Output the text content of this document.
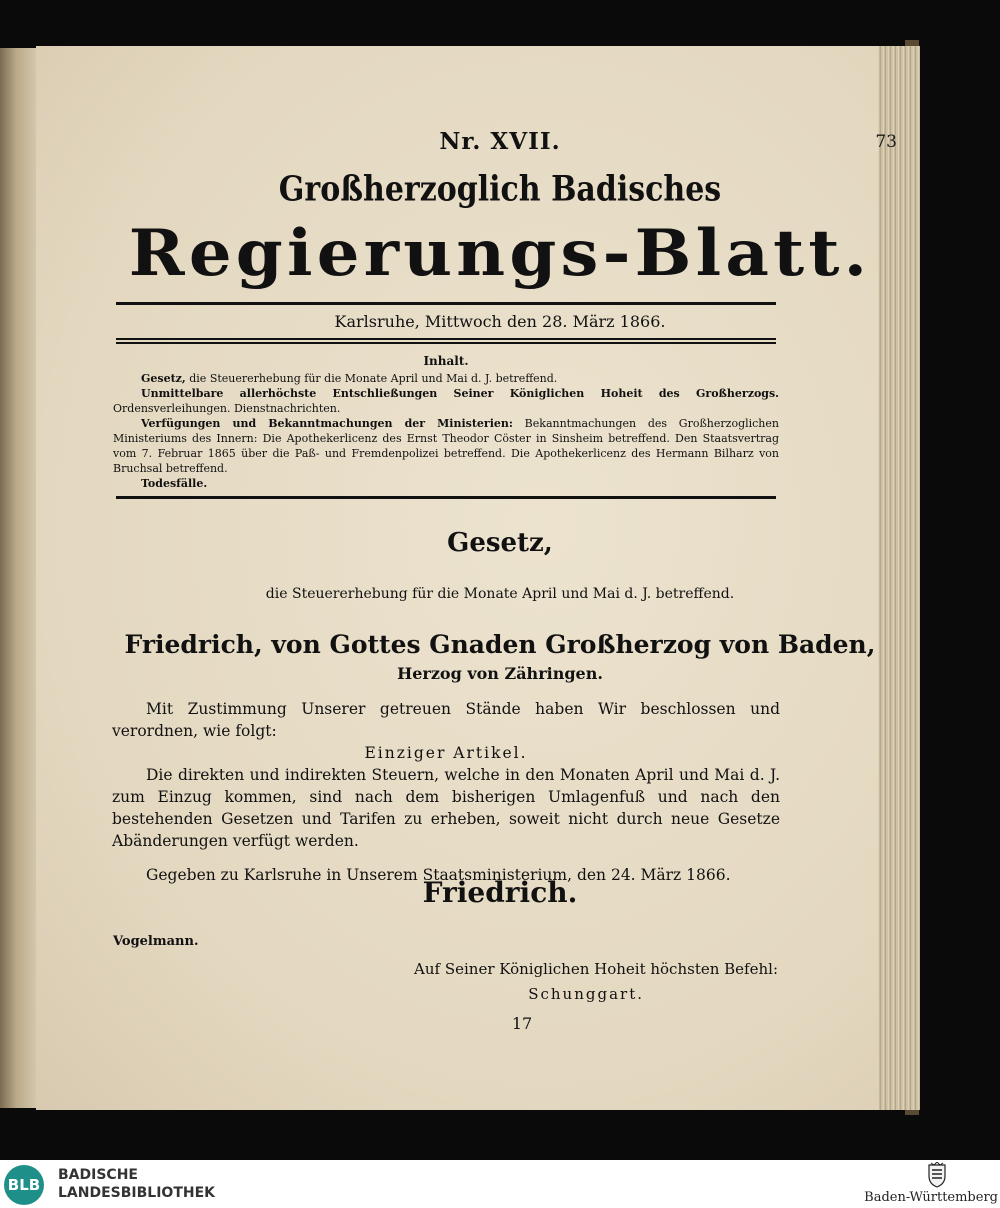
73
Nr. XVII.
Großherzoglich Badisches
Regierungs-Blatt.
Karlsruhe, Mittwoch den 28. März 1866.
Inhalt.
Gesetz, die Steuererhebung für die Monate April und Mai d. J. betreffend.
Unmittelbare allerhöchste Entschließungen Seiner Königlichen Hoheit des Großherzogs. Ordensverleihungen. Dienstnachrichten.
Verfügungen und Bekanntmachungen der Ministerien: Bekanntmachungen des Großherzoglichen Ministeriums des Innern: Die Apothekerlicenz des Ernst Theodor Cöster in Sinsheim betreffend. Den Staatsvertrag vom 7. Februar 1865 über die Paß- und Fremdenpolizei betreffend. Die Apothekerlicenz des Hermann Bilharz von Bruchsal betreffend.
Todesfälle.
Gesetz,
die Steuererhebung für die Monate April und Mai d. J. betreffend.
Friedrich, von Gottes Gnaden Großherzog von Baden,
Herzog von Zähringen.
Mit Zustimmung Unserer getreuen Stände haben Wir beschlossen und verordnen, wie folgt:
Einziger Artikel.
Die direkten und indirekten Steuern, welche in den Monaten April und Mai d. J. zum Einzug kommen, sind nach dem bisherigen Umlagenfuß und nach den bestehenden Gesetzen und Tarifen zu erheben, soweit nicht durch neue Gesetze Abänderungen verfügt werden.
Gegeben zu Karlsruhe in Unserem Staatsministerium, den 24. März 1866.
Friedrich.
Vogelmann.
Auf Seiner Königlichen Hoheit höchsten Befehl:
Schunggart.
17
BLB
BADISCHE
LANDESBIBLIOTHEK	Baden-Württemberg
